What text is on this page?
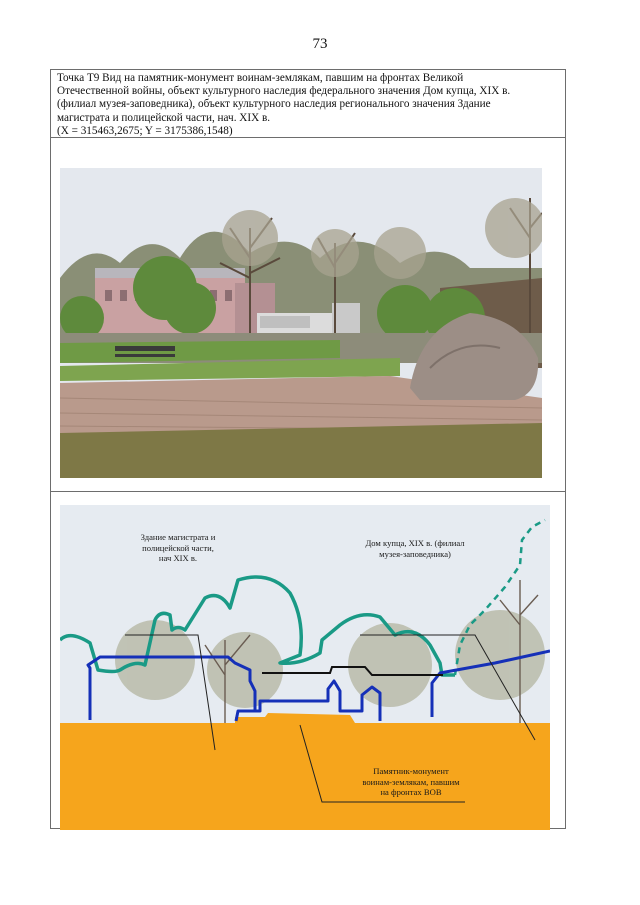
73
Точка Т9 Вид на памятник-монумент воинам-землякам, павшим на фронтах Великой
Отечественной войны, объект культурного наследия федерального значения Дом купца, XIX в.
(филиал музея-заповедника), объект культурного наследия регионального значения Здание
магистрата и полицейской части, нач. XIX в.
(X = 315463,2675; Y = 3175386,1548)
Здание магистрата и
полицейской части,
нач XIX в.
Дом купца, XIX в. (филиал
музея-заповедника)
Памятник-монумент
воинам-землякам, павшим
на фронтах ВОВ
